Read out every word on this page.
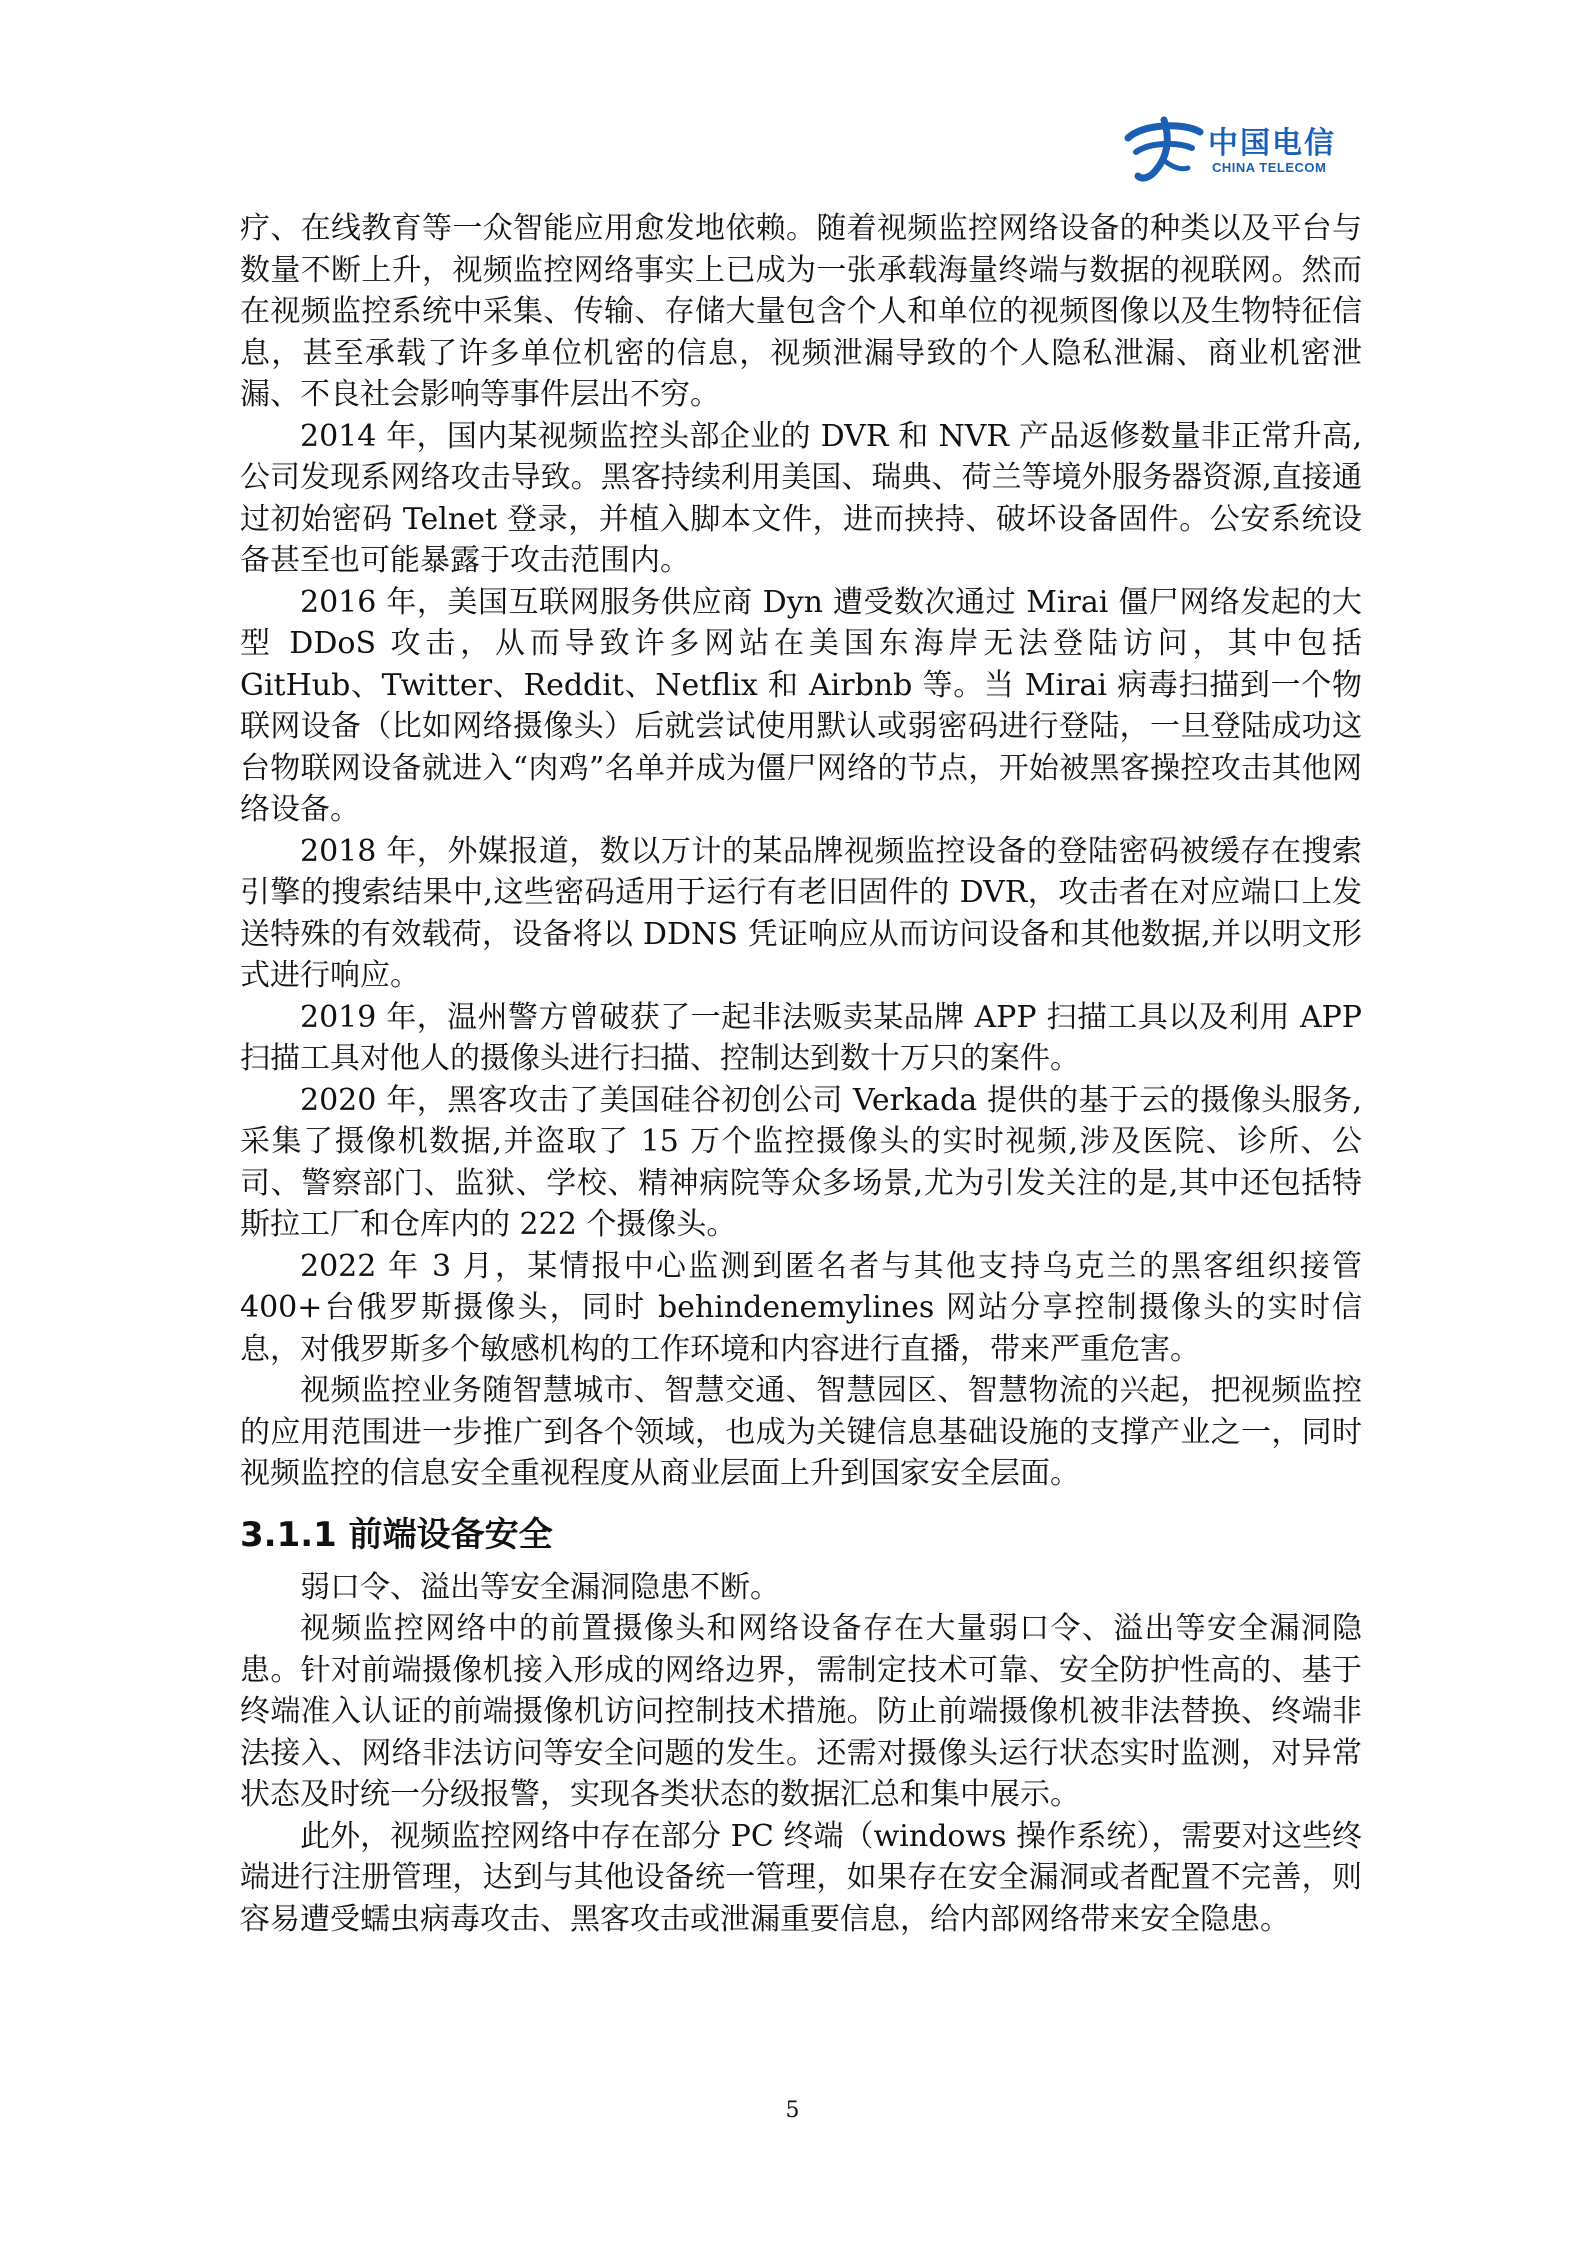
中国电信
CHINA TELECOM

疗、在线教育等一众智能应用愈发地依赖。随着视频监控网络设备的种类以及平台与数量不断上升，视频监控网络事实上已成为一张承载海量终端与数据的视联网。然而在视频监控系统中采集、传输、存储大量包含个人和单位的视频图像以及生物特征信息，甚至承载了许多单位机密的信息，视频泄漏导致的个人隐私泄漏、商业机密泄漏、不良社会影响等事件层出不穷。

2014 年，国内某视频监控头部企业的 DVR 和 NVR 产品返修数量非正常升高,公司发现系网络攻击导致。黑客持续利用美国、瑞典、荷兰等境外服务器资源,直接通过初始密码 Telnet 登录，并植入脚本文件，进而挟持、破坏设备固件。公安系统设备甚至也可能暴露于攻击范围内。

2016 年，美国互联网服务供应商 Dyn 遭受数次通过 Mirai 僵尸网络发起的大型 DDoS 攻击，从而导致许多网站在美国东海岸无法登陆访问，其中包括 GitHub、Twitter、Reddit、Netflix 和 Airbnb 等。当 Mirai 病毒扫描到一个物联网设备（比如网络摄像头）后就尝试使用默认或弱密码进行登陆，一旦登陆成功这台物联网设备就进入“肉鸡”名单并成为僵尸网络的节点，开始被黑客操控攻击其他网络设备。

2018 年，外媒报道，数以万计的某品牌视频监控设备的登陆密码被缓存在搜索引擎的搜索结果中,这些密码适用于运行有老旧固件的 DVR，攻击者在对应端口上发送特殊的有效载荷，设备将以 DDNS 凭证响应从而访问设备和其他数据,并以明文形式进行响应。

2019 年，温州警方曾破获了一起非法贩卖某品牌 APP 扫描工具以及利用 APP 扫描工具对他人的摄像头进行扫描、控制达到数十万只的案件。

2020 年，黑客攻击了美国硅谷初创公司 Verkada 提供的基于云的摄像头服务,采集了摄像机数据,并盗取了 15 万个监控摄像头的实时视频,涉及医院、诊所、公司、警察部门、监狱、学校、精神病院等众多场景,尤为引发关注的是,其中还包括特斯拉工厂和仓库内的 222 个摄像头。

2022 年 3 月，某情报中心监测到匿名者与其他支持乌克兰的黑客组织接管 400+台俄罗斯摄像头，同时 behindenemylines 网站分享控制摄像头的实时信息，对俄罗斯多个敏感机构的工作环境和内容进行直播，带来严重危害。

视频监控业务随智慧城市、智慧交通、智慧园区、智慧物流的兴起，把视频监控的应用范围进一步推广到各个领域，也成为关键信息基础设施的支撑产业之一，同时视频监控的信息安全重视程度从商业层面上升到国家安全层面。

3.1.1 前端设备安全

弱口令、溢出等安全漏洞隐患不断。

视频监控网络中的前置摄像头和网络设备存在大量弱口令、溢出等安全漏洞隐患。针对前端摄像机接入形成的网络边界，需制定技术可靠、安全防护性高的、基于终端准入认证的前端摄像机访问控制技术措施。防止前端摄像机被非法替换、终端非法接入、网络非法访问等安全问题的发生。还需对摄像头运行状态实时监测，对异常状态及时统一分级报警，实现各类状态的数据汇总和集中展示。

此外，视频监控网络中存在部分 PC 终端（windows 操作系统），需要对这些终端进行注册管理，达到与其他设备统一管理，如果存在安全漏洞或者配置不完善，则容易遭受蠕虫病毒攻击、黑客攻击或泄漏重要信息，给内部网络带来安全隐患。

5
